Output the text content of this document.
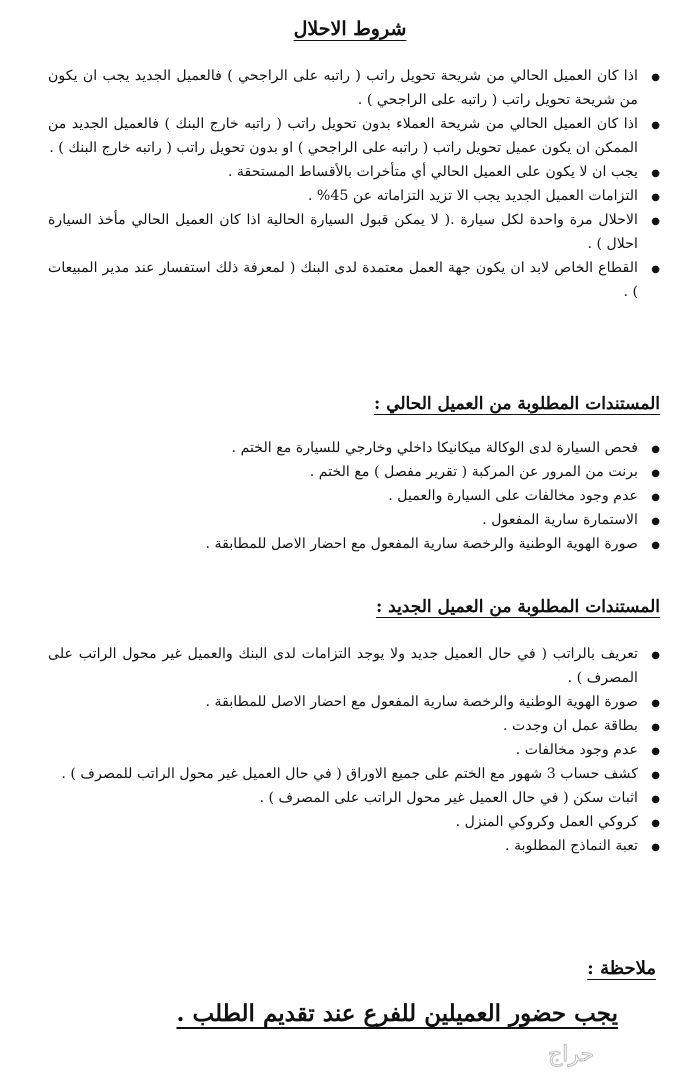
شروط الاحلال
● اذا كان العميل الحالي من شريحة تحويل راتب ( راتبه على الراجحي ) فالعميل الجديد يجب ان يكون من شريحة تحويل راتب ( راتبه على الراجحي ) .
● اذا كان العميل الحالي من شريحة العملاء بدون تحويل راتب ( راتبه خارج البنك ) فالعميل الجديد من الممكن ان يكون عميل تحويل راتب ( راتبه على الراجحي ) او بدون تحويل راتب ( راتبه خارج البنك ) .
● يجب ان لا يكون على العميل الحالي أي متأخرات بالأقساط المستحقة .
● التزامات العميل الجديد يجب الا تزيد التزاماته عن 45% .
● الاحلال مرة واحدة لكل سيارة .( لا يمكن قبول السيارة الحالية اذا كان العميل الحالي مأخذ السيارة احلال ) .
● القطاع الخاص لابد ان يكون جهة العمل معتمدة لدى البنك ( لمعرفة ذلك استفسار عند مدير المبيعات ) .
المستندات المطلوبة من العميل الحالي :
● فحص السيارة لدى الوكالة ميكانيكا داخلي وخارجي للسيارة مع الختم .
● برنت من المرور عن المركبة ( تقرير مفصل ) مع الختم .
● عدم وجود مخالفات على السيارة والعميل .
● الاستمارة سارية المفعول .
● صورة الهوية الوطنية والرخصة سارية المفعول مع احضار الاصل للمطابقة .
المستندات المطلوبة من العميل الجديد :
● تعريف بالراتب ( في حال العميل جديد ولا يوجد التزامات لدى البنك والعميل غير محول الراتب على المصرف ) .
● صورة الهوية الوطنية والرخصة سارية المفعول مع احضار الاصل للمطابقة .
● بطاقة عمل ان وجدت .
● عدم وجود مخالفات .
● كشف حساب 3 شهور مع الختم على جميع الاوراق ( في حال العميل غير محول الراتب للمصرف ) .
● اثبات سكن ( في حال العميل غير محول الراتب على المصرف ) .
● كروكي العمل وكروكي المنزل .
● تعبة النماذج المطلوبة .
ملاحظة :
يجب حضور العميلين للفرع عند تقديم الطلب .
حراج
